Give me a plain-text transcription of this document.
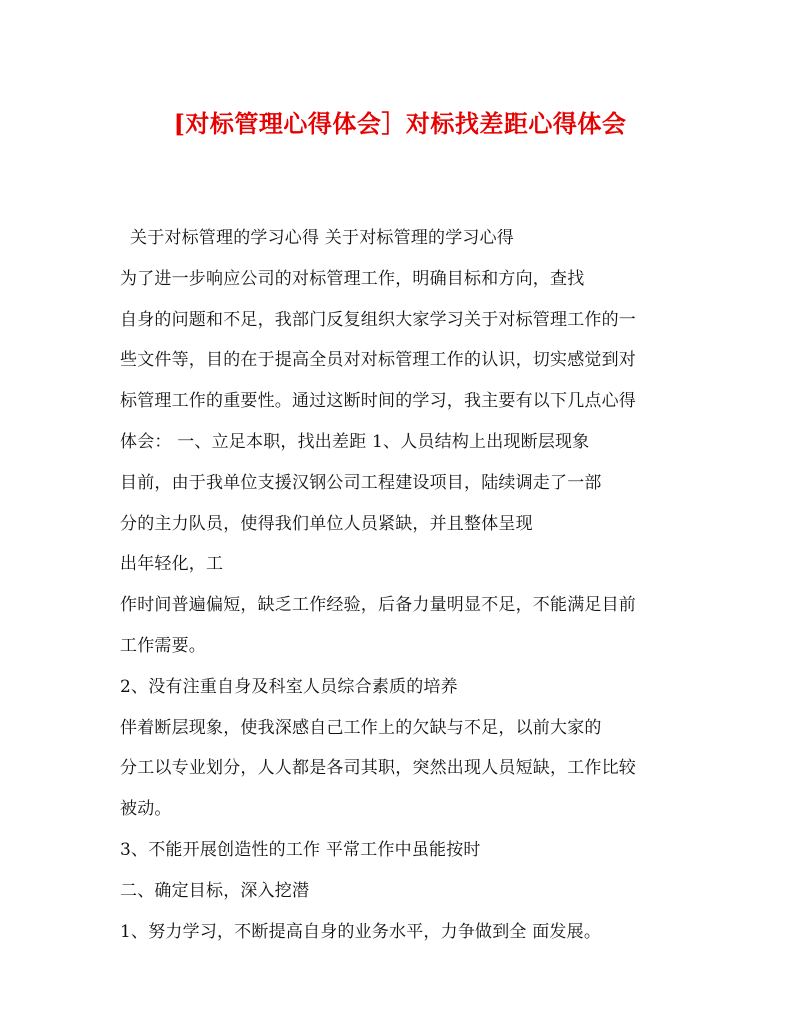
[对标管理心得体会］对标找差距心得体会
关于对标管理的学习心得 关于对标管理的学习心得
为了进一步响应公司的对标管理工作，明确目标和方向，查找
自身的问题和不足，我部门反复组织大家学习关于对标管理工作的一
些文件等，目的在于提高全员对对标管理工作的认识，切实感觉到对
标管理工作的重要性。通过这断时间的学习，我主要有以下几点心得
体会： 一、立足本职，找出差距 1、人员结构上出现断层现象
目前，由于我单位支援汉钢公司工程建设项目，陆续调走了一部
分的主力队员，使得我们单位人员紧缺，并且整体呈现
出年轻化，工
作时间普遍偏短，缺乏工作经验，后备力量明显不足，不能满足目前
工作需要。
2、没有注重自身及科室人员综合素质的培养
伴着断层现象，使我深感自己工作上的欠缺与不足，以前大家的
分工以专业划分，人人都是各司其职，突然出现人员短缺，工作比较
被动。
3、不能开展创造性的工作 平常工作中虽能按时
二、确定目标，深入挖潜
1、努力学习，不断提高自身的业务水平，力争做到全 面发展。
